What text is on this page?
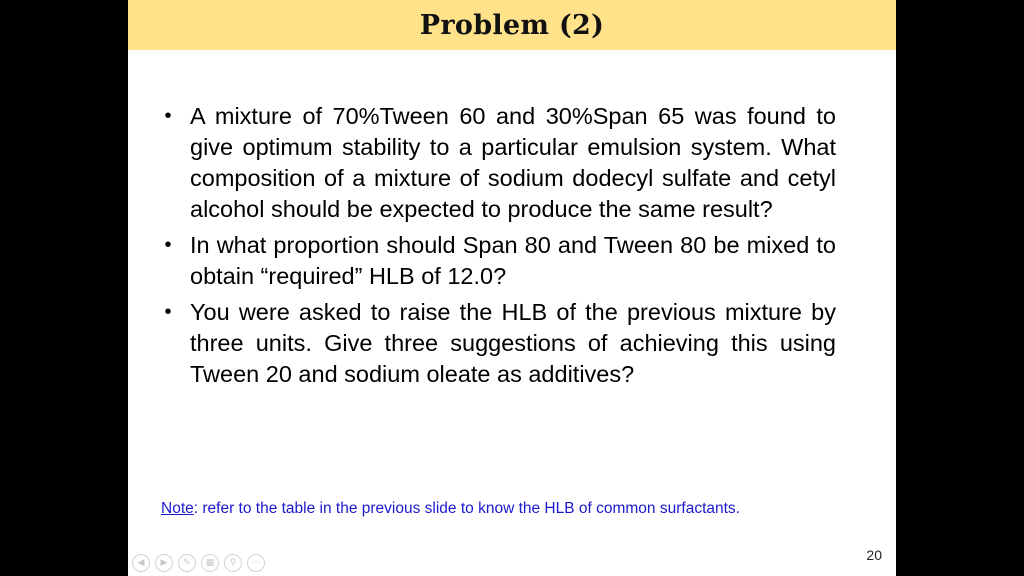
Problem (2)
• A mixture of 70%Tween 60 and 30%Span 65 was found to give optimum stability to a particular emulsion system. What composition of a mixture of sodium dodecyl sulfate and cetyl alcohol should be expected to produce the same result?
• In what proportion should Span 80 and Tween 80 be mixed to obtain “required” HLB of 12.0?
• You were asked to raise the HLB of the previous mixture by three units. Give three suggestions of achieving this using Tween 20 and sodium oleate as additives?
Note: refer to the table in the previous slide to know the HLB of common surfactants.
20
◀	▶	✎	▦	⚲	⋯
